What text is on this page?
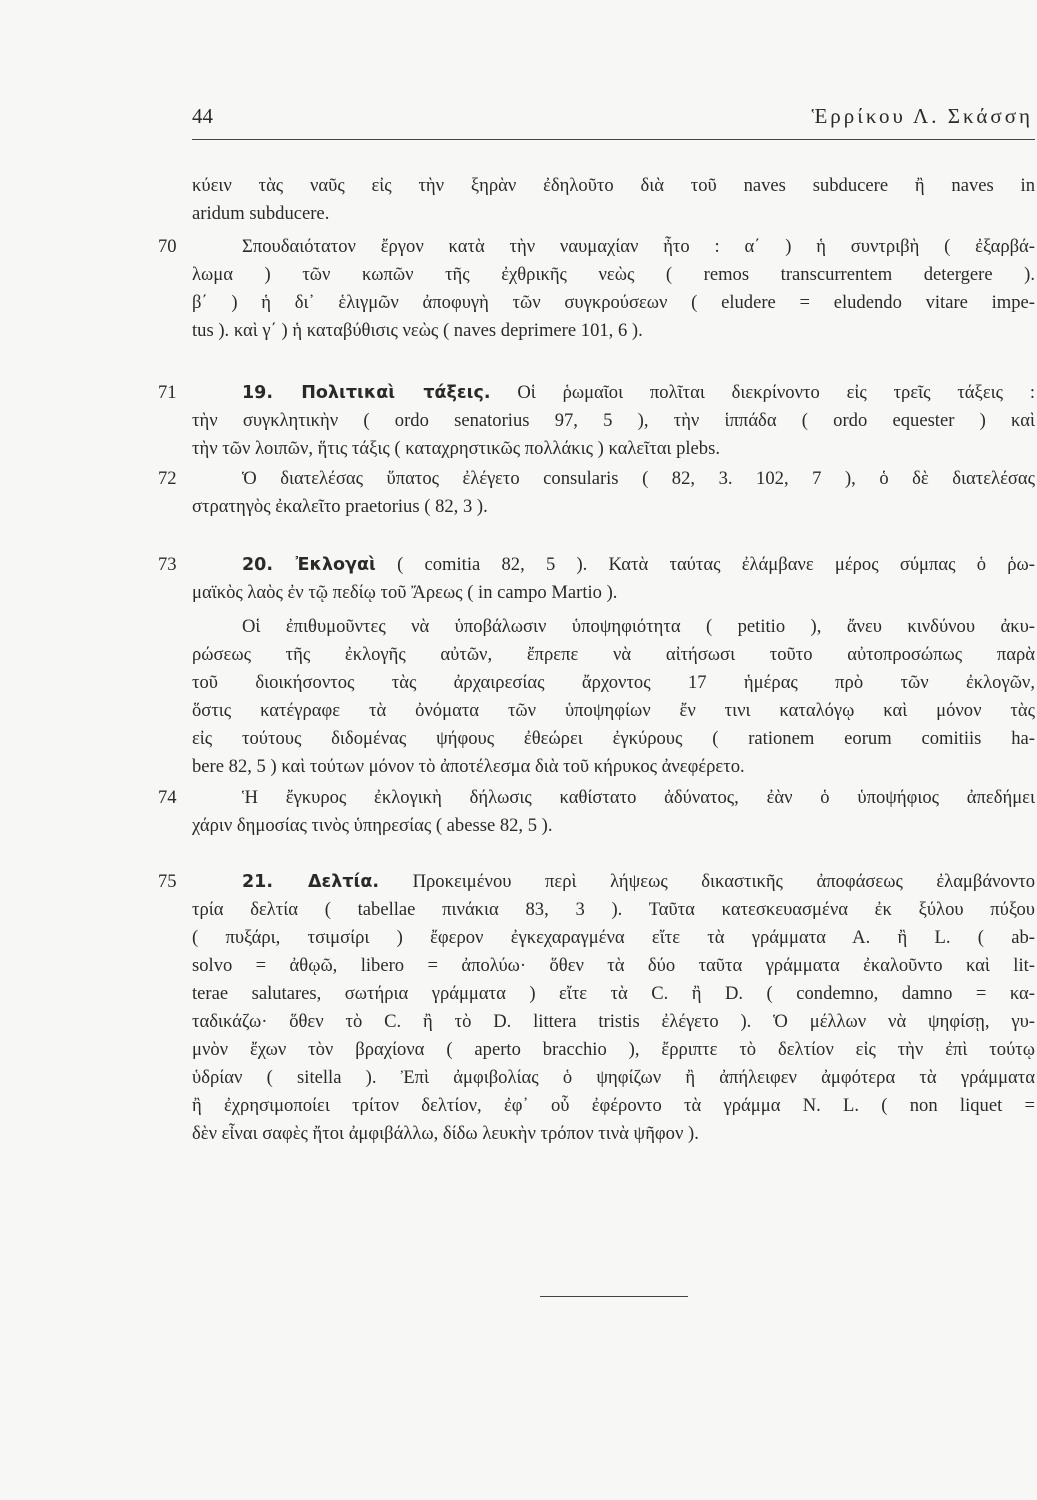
44	Ἑρρίκου Λ. Σκάσση
70
71
72
73
74
75
κύειν τὰς ναῦς εἰς τὴν ξηρὰν ἐδηλοῦτο διὰ τοῦ naves subducere ἢ naves in
aridum subducere.
Σπουδαιότατον ἔργον κατὰ τὴν ναυμαχίαν ἦτο : α΄ ) ἡ συντριβὴ ( ἐξαρβά-
λωμα ) τῶν κωπῶν τῆς ἐχθρικῆς νεὼς ( remos transcurrentem detergere ).
β΄ ) ἡ δι᾽ ἑλιγμῶν ἀποφυγὴ τῶν συγκρούσεων ( eludere = eludendo vitare impe-
tus ). καὶ γ΄ ) ἡ καταβύθισις νεὼς ( naves deprimere 101, 6 ).
19. Πολιτικαὶ τάξεις. Οἱ ῥωμαῖοι πολῖται διεκρίνοντο εἰς τρεῖς τάξεις :
τὴν συγκλητικὴν ( ordo senatorius 97, 5 ), τὴν ἱππάδα ( ordo equester ) καὶ
τὴν τῶν λοιπῶν, ἥτις τάξις ( καταχρηστικῶς πολλάκις ) καλεῖται plebs.
Ὁ διατελέσας ὕπατος ἐλέγετο consularis ( 82, 3. 102, 7 ), ὁ δὲ διατελέσας
στρατηγὸς ἐκαλεῖτο praetorius ( 82, 3 ).
20. Ἐκλογαὶ ( comitia 82, 5 ). Κατὰ ταύτας ἐλάμβανε μέρος σύμπας ὁ ῥω-
μαϊκὸς λαὸς ἐν τῷ πεδίῳ τοῦ Ἄρεως ( in campo Martio ).
Οἱ ἐπιθυμοῦντες νὰ ὑποβάλωσιν ὑποψηφιότητα ( petitio ), ἄνευ κινδύνου ἀκυ-
ρώσεως τῆς ἐκλογῆς αὐτῶν, ἔπρεπε νὰ αἰτήσωσι τοῦτο αὐτοπροσώπως παρὰ
τοῦ διοικήσοντος τὰς ἀρχαιρεσίας ἄρχοντος 17 ἡμέρας πρὸ τῶν ἐκλογῶν,
ὅστις κατέγραφε τὰ ὀνόματα τῶν ὑποψηφίων ἔν τινι καταλόγῳ καὶ μόνον τὰς
εἰς τούτους διδομένας ψήφους ἐθεώρει ἐγκύρους ( rationem eorum comitiis ha-
bere 82, 5 ) καὶ τούτων μόνον τὸ ἀποτέλεσμα διὰ τοῦ κήρυκος ἀνεφέρετο.
Ἡ ἔγκυρος ἐκλογικὴ δήλωσις καθίστατο ἀδύνατος, ἐὰν ὁ ὑποψήφιος ἀπεδήμει
χάριν δημοσίας τινὸς ὑπηρεσίας ( abesse 82, 5 ).
21. Δελτία. Προκειμένου περὶ λήψεως δικαστικῆς ἀποφάσεως ἐλαμβάνοντο
τρία δελτία ( tabellae πινάκια 83, 3 ). Ταῦτα κατεσκευασμένα ἐκ ξύλου πύξου
( πυξάρι, τσιμσίρι ) ἔφερον ἐγκεχαραγμένα εἴτε τὰ γράμματα Α. ἢ L. ( ab-
solvo = ἀθῳῶ, libero = ἀπολύω· ὅθεν τὰ δύο ταῦτα γράμματα ἐκαλοῦντο καὶ lit-
terae salutares, σωτήρια γράμματα ) εἴτε τὰ C. ἢ D. ( condemno, damno = κα-
ταδικάζω· ὅθεν τὸ C. ἢ τὸ D. littera tristis ἐλέγετο ). Ὁ μέλλων νὰ ψηφίσῃ, γυ-
μνὸν ἔχων τὸν βραχίονα ( aperto bracchio ), ἔρριπτε τὸ δελτίον εἰς τὴν ἐπὶ τούτῳ
ὑδρίαν ( sitella ). Ἐπὶ ἀμφιβολίας ὁ ψηφίζων ἢ ἀπήλειφεν ἀμφότερα τὰ γράμματα
ἢ ἐχρησιμοποίει τρίτον δελτίον, ἐφ᾽ οὗ ἐφέροντο τὰ γράμμα N. L. ( non liquet =
δὲν εἶναι σαφὲς ἤτοι ἀμφιβάλλω, δίδω λευκὴν τρόπον τινὰ ψῆφον ).
